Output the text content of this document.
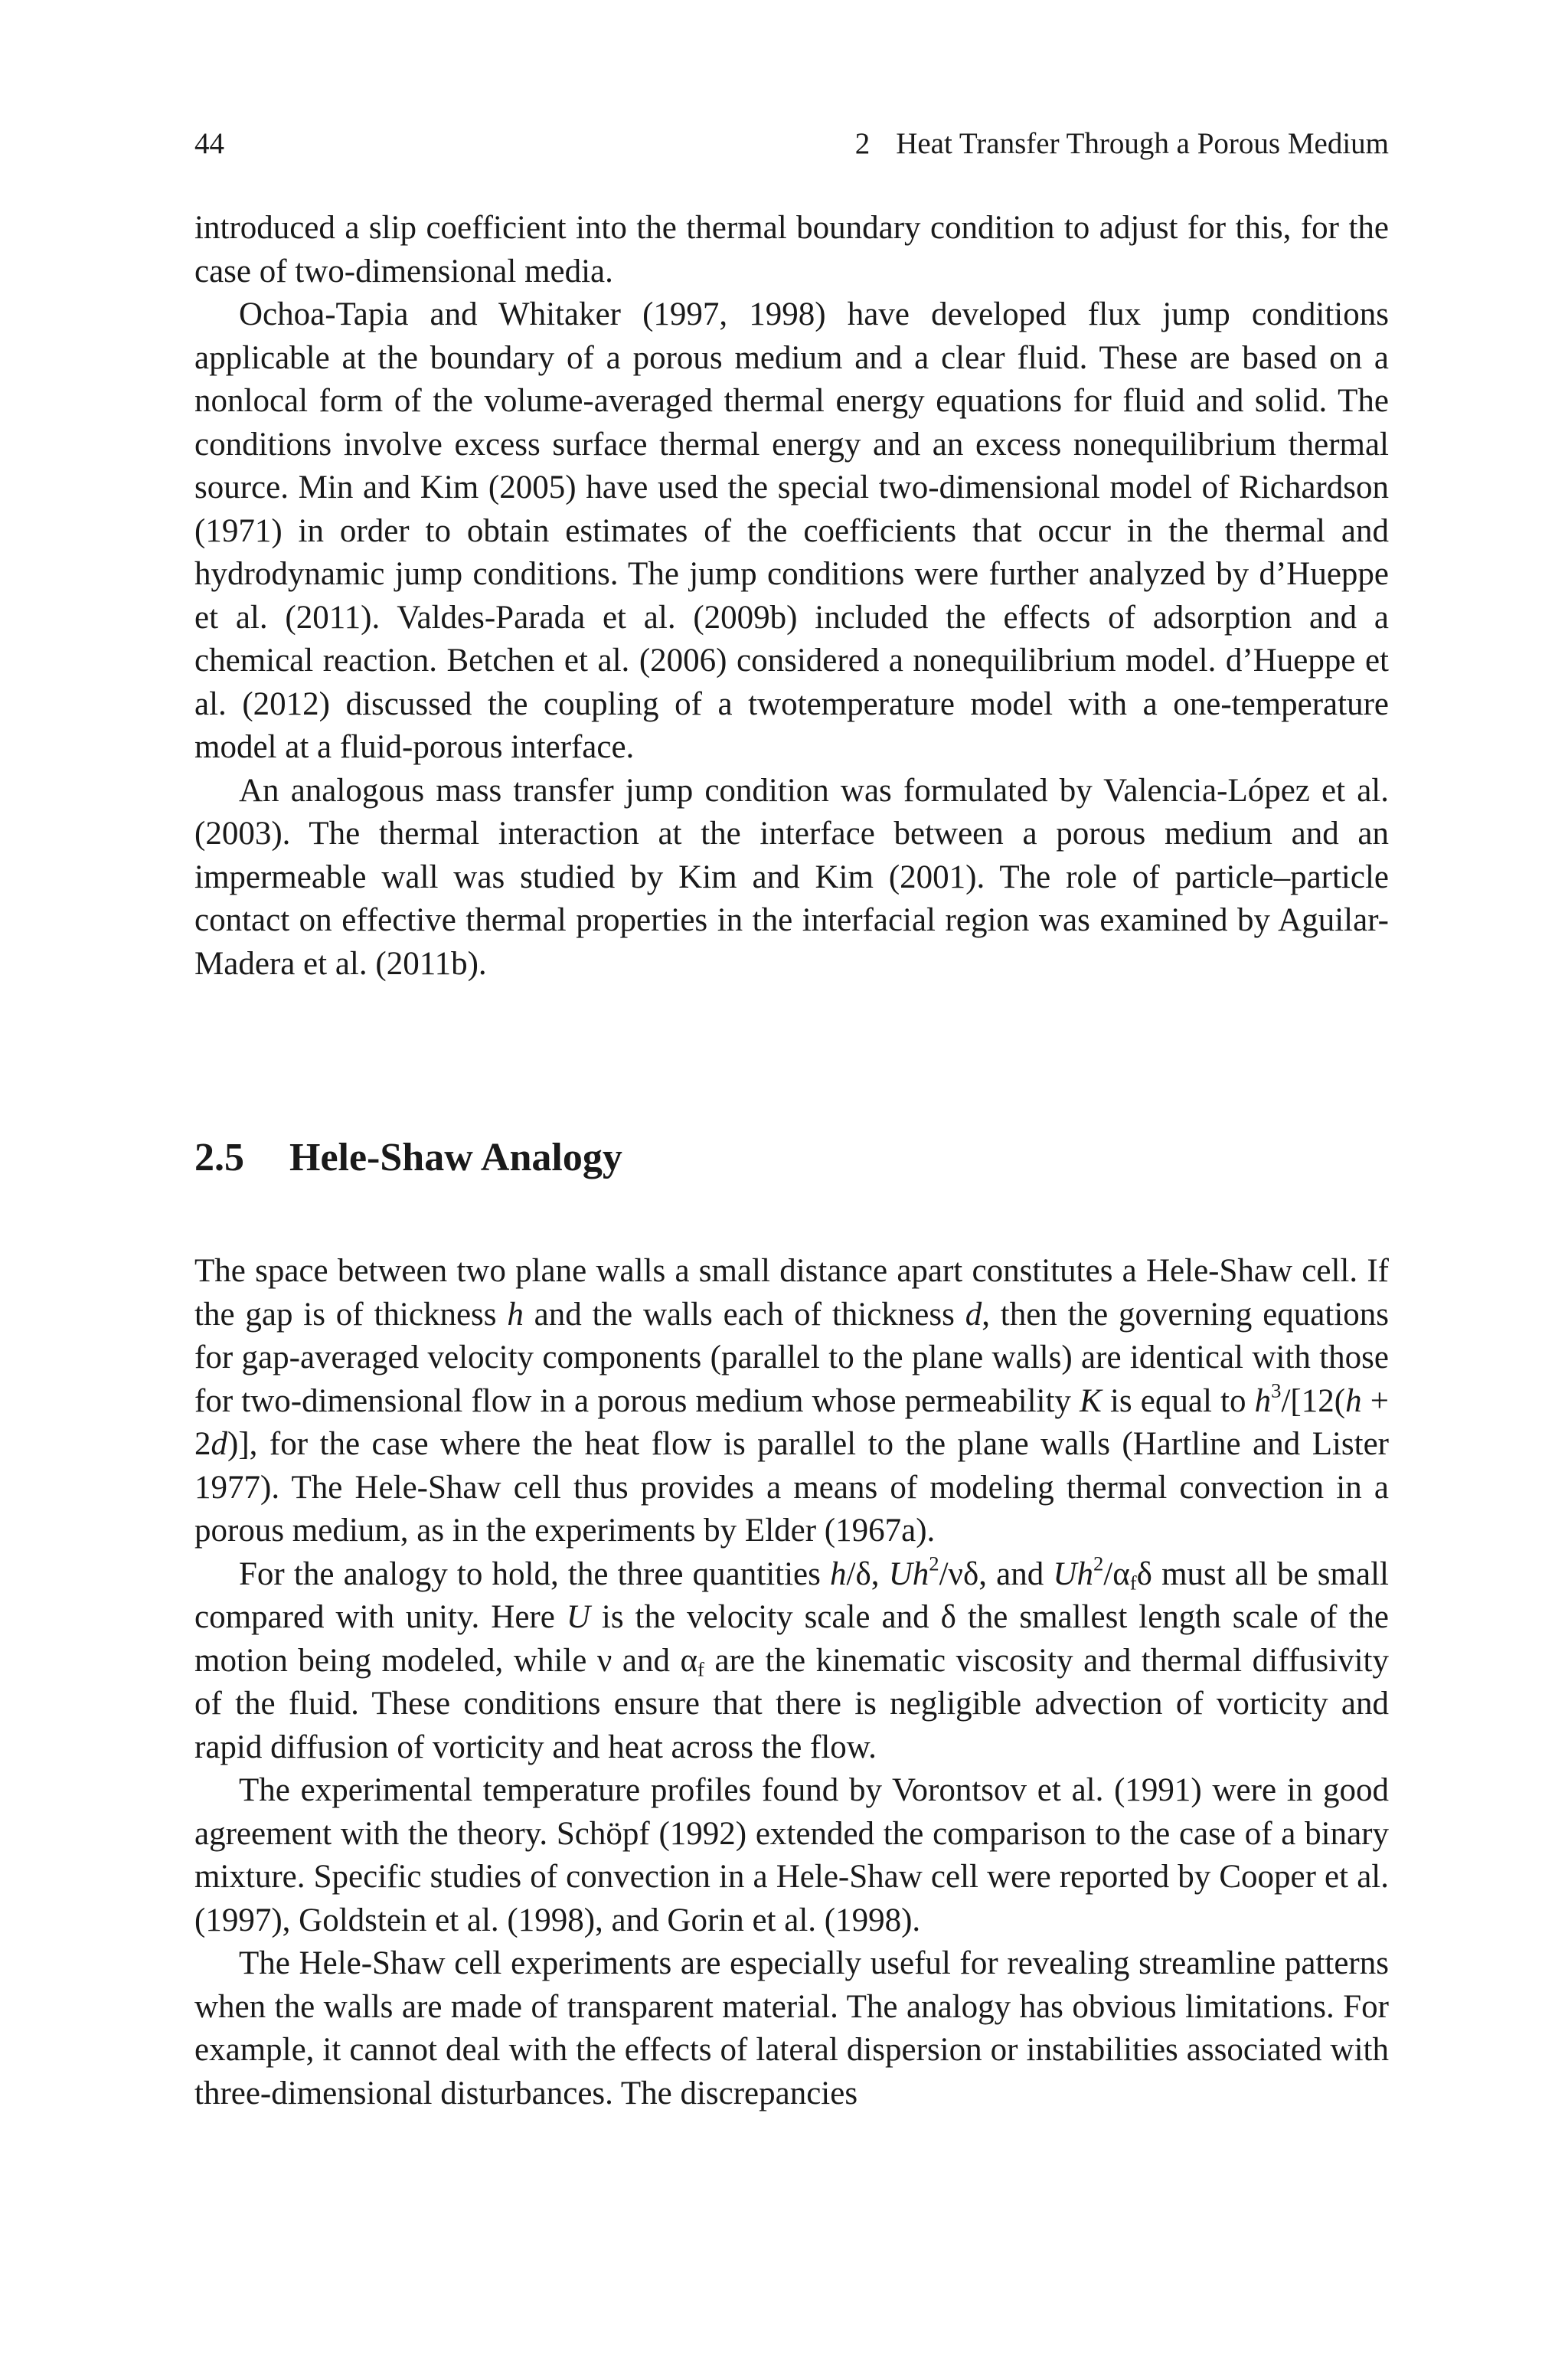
44	2 Heat Transfer Through a Porous Medium

introduced a slip coefficient into the thermal boundary condition to adjust for this, for the case of two-dimensional media.

Ochoa-Tapia and Whitaker (1997, 1998) have developed flux jump conditions applicable at the boundary of a porous medium and a clear fluid. These are based on a nonlocal form of the volume-averaged thermal energy equations for fluid and solid. The conditions involve excess surface thermal energy and an excess nonequilibrium thermal source. Min and Kim (2005) have used the special two-dimensional model of Richardson (1971) in order to obtain estimates of the coefficients that occur in the thermal and hydrodynamic jump conditions. The jump conditions were further analyzed by d’Hueppe et al. (2011). Valdes-Parada et al. (2009b) included the effects of adsorption and a chemical reaction. Betchen et al. (2006) considered a nonequilibrium model. d’Hueppe et al. (2012) discussed the coupling of a twotemperature model with a one-temperature model at a fluid-porous interface.

An analogous mass transfer jump condition was formulated by Valencia-López et al. (2003). The thermal interaction at the interface between a porous medium and an impermeable wall was studied by Kim and Kim (2001). The role of particle–particle contact on effective thermal properties in the interfacial region was examined by Aguilar-Madera et al. (2011b).

2.5	Hele-Shaw Analogy

The space between two plane walls a small distance apart constitutes a Hele-Shaw cell. If the gap is of thickness h and the walls each of thickness d, then the governing equations for gap-averaged velocity components (parallel to the plane walls) are identical with those for two-dimensional flow in a porous medium whose permeability K is equal to $h^3/[12(h + 2d)]$, for the case where the heat flow is parallel to the plane walls (Hartline and Lister 1977). The Hele-Shaw cell thus provides a means of modeling thermal convection in a porous medium, as in the experiments by Elder (1967a).

For the analogy to hold, the three quantities h/δ, Uh$^2$/νδ, and $Uh^2/\alpha_f\delta$ must all be small compared with unity. Here U is the velocity scale and δ the smallest length scale of the motion being modeled, while ν and $\alpha_f$ are the kinematic viscosity and thermal diffusivity of the fluid. These conditions ensure that there is negligible advection of vorticity and rapid diffusion of vorticity and heat across the flow.

The experimental temperature profiles found by Vorontsov et al. (1991) were in good agreement with the theory. Schöpf (1992) extended the comparison to the case of a binary mixture. Specific studies of convection in a Hele-Shaw cell were reported by Cooper et al. (1997), Goldstein et al. (1998), and Gorin et al. (1998).

The Hele-Shaw cell experiments are especially useful for revealing streamline patterns when the walls are made of transparent material. The analogy has obvious limitations. For example, it cannot deal with the effects of lateral dispersion or instabilities associated with three-dimensional disturbances. The discrepancies
